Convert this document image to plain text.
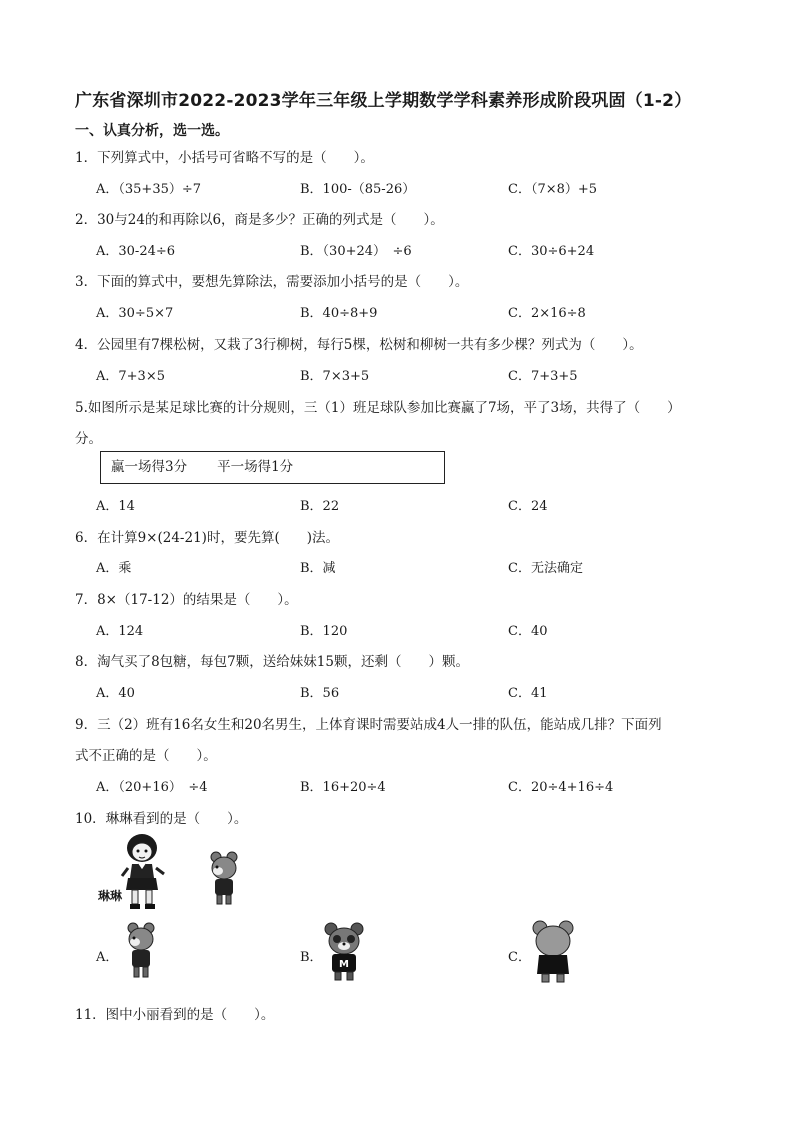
广东省深圳市2022-2023学年三年级上学期数学学科素养形成阶段巩固（1-2）
一、认真分析，选一选。
1．下列算式中，小括号可省略不写的是（　　）。
A．（35+35）÷7	B．100-（85-26）	C．（7×8）+5
2．30与24的和再除以6，商是多少？正确的列式是（　　）。
A．30-24÷6	B．（30+24）　÷6	C．30÷6+24
3．下面的算式中，要想先算除法，需要添加小括号的是（　　）。
A．30÷5×7	B．40÷8+9	C．2×16÷8
4．公园里有7棵松树，又栽了3行柳树，每行5棵，松树和柳树一共有多少棵？列式为（　　）。
A．7+3×5	B．7×3+5	C．7+3+5
5.如图所示是某足球比赛的计分规则，三（1）班足球队参加比赛赢了7场，平了3场，共得了（　　）
分。
赢一场得3分 平一场得1分
A．14	B．22	C．24
6．在计算9×(24-21)时，要先算(　　)法。
A．乘	B．减	C．无法确定
7．8×（17-12）的结果是（　　）。
A．124	B．120	C．40
8．淘气买了8包糖，每包7颗，送给妹妹15颗，还剩（　　）颗。
A．40	B．56	C．41
9．三（2）班有16名女生和20名男生，上体育课时需要站成4人一排的队伍，能站成几排？下面列
式不正确的是（　　）。
A．（20+16）　÷4	B．16+20÷4	C．20÷4+16÷4
10．琳琳看到的是（　　）。
琳琳
A．	B． M	C．
11．图中小丽看到的是（　　）。
